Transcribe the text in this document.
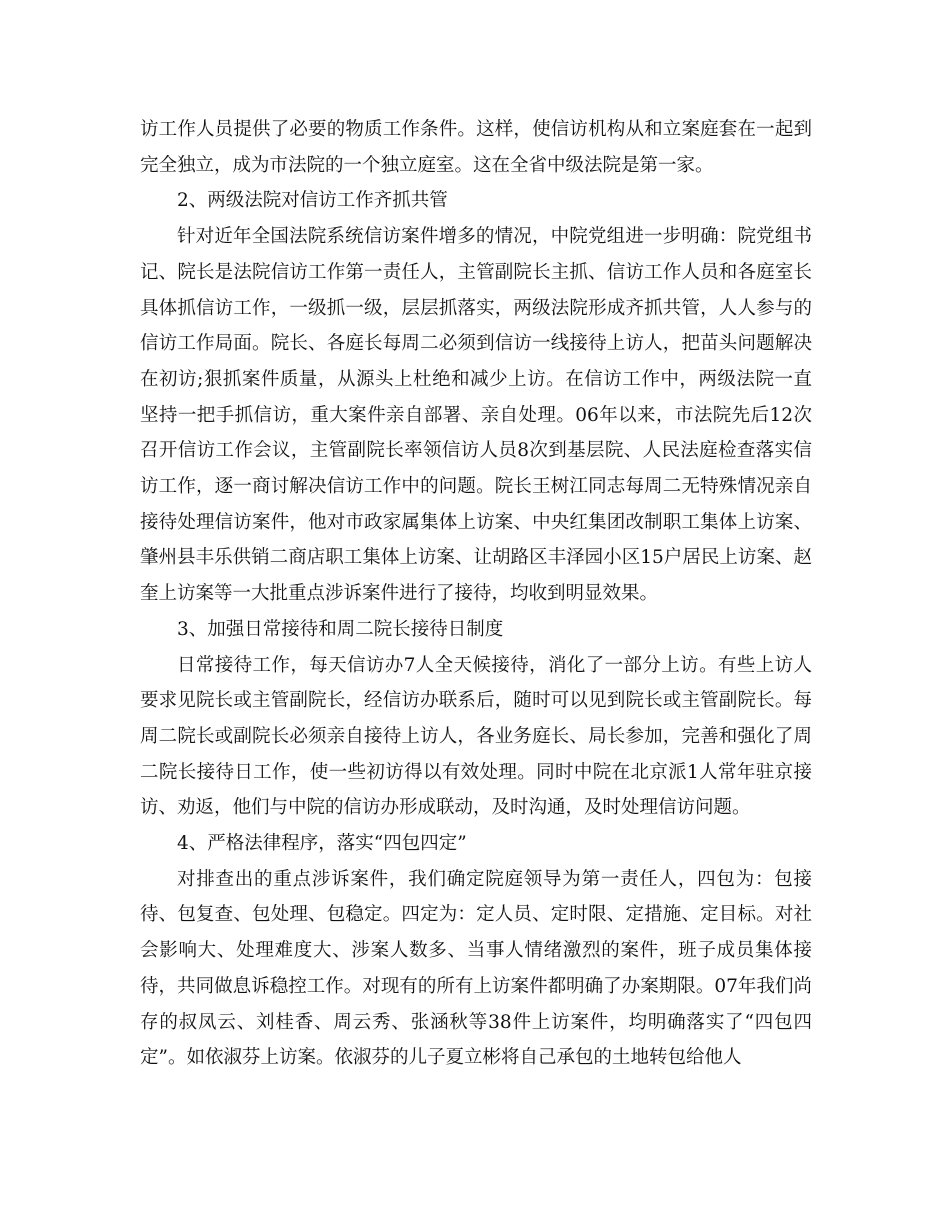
访工作人员提供了必要的物质工作条件。这样，使信访机构从和立案庭套在一起到完全独立，成为市法院的一个独立庭室。这在全省中级法院是第一家。

2、两级法院对信访工作齐抓共管

针对近年全国法院系统信访案件增多的情况，中院党组进一步明确：院党组书记、院长是法院信访工作第一责任人，主管副院长主抓、信访工作人员和各庭室长具体抓信访工作，一级抓一级，层层抓落实，两级法院形成齐抓共管，人人参与的信访工作局面。院长、各庭长每周二必须到信访一线接待上访人，把苗头问题解决在初访;狠抓案件质量，从源头上杜绝和减少上访。在信访工作中，两级法院一直坚持一把手抓信访，重大案件亲自部署、亲自处理。06年以来，市法院先后12次召开信访工作会议，主管副院长率领信访人员8次到基层院、人民法庭检查落实信访工作，逐一商讨解决信访工作中的问题。院长王树江同志每周二无特殊情况亲自接待处理信访案件，他对市政家属集体上访案、中央红集团改制职工集体上访案、肇州县丰乐供销二商店职工集体上访案、让胡路区丰泽园小区15户居民上访案、赵奎上访案等一大批重点涉诉案件进行了接待，均收到明显效果。

3、加强日常接待和周二院长接待日制度

日常接待工作，每天信访办7人全天候接待，消化了一部分上访。有些上访人要求见院长或主管副院长，经信访办联系后，随时可以见到院长或主管副院长。每周二院长或副院长必须亲自接待上访人，各业务庭长、局长参加，完善和强化了周二院长接待日工作，使一些初访得以有效处理。同时中院在北京派1人常年驻京接访、劝返，他们与中院的信访办形成联动，及时沟通，及时处理信访问题。

4、严格法律程序，落实“四包四定”

对排查出的重点涉诉案件，我们确定院庭领导为第一责任人，四包为：包接待、包复查、包处理、包稳定。四定为：定人员、定时限、定措施、定目标。对社会影响大、处理难度大、涉案人数多、当事人情绪激烈的案件，班子成员集体接待，共同做息诉稳控工作。对现有的所有上访案件都明确了办案期限。07年我们尚存的叔凤云、刘桂香、周云秀、张涵秋等38件上访案件，均明确落实了“四包四定”。如依淑芬上访案。依淑芬的儿子夏立彬将自己承包的土地转包给他人
